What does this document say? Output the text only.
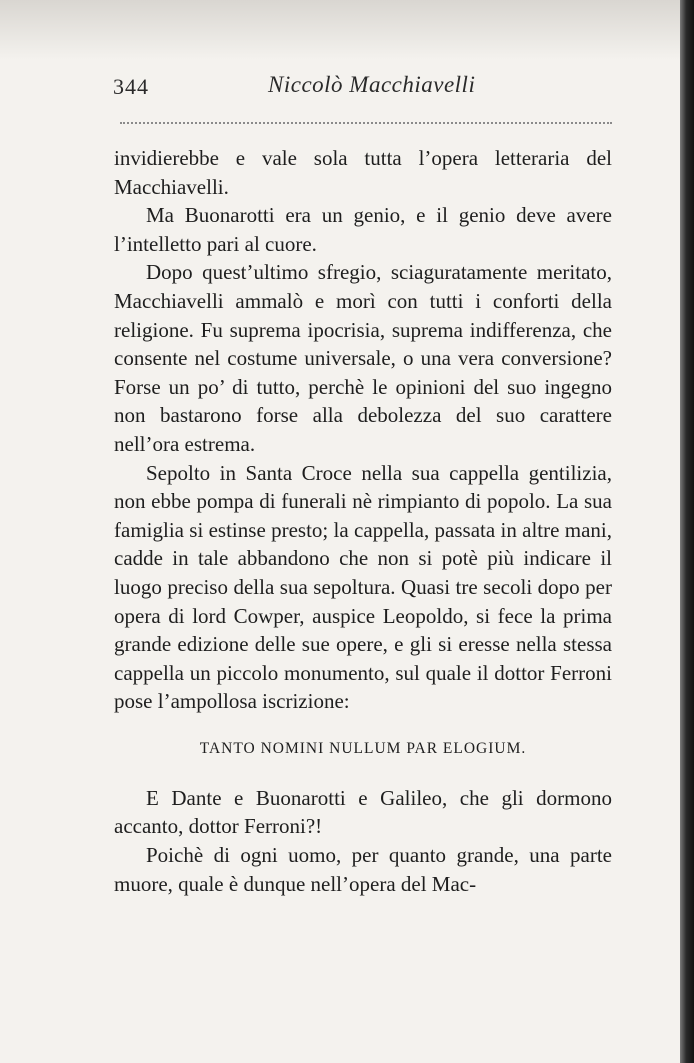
344	Niccolò Macchiavelli

invidierebbe e vale sola tutta l’opera letteraria del Macchiavelli.

Ma Buonarotti era un genio, e il genio deve avere l’intelletto pari al cuore.

Dopo quest’ultimo sfregio, sciaguratamente meritato, Macchiavelli ammalò e morì con tutti i conforti della religione. Fu suprema ipocrisia, suprema indifferenza, che consente nel costume universale, o una vera conversione? Forse un po’ di tutto, perchè le opinioni del suo ingegno non bastarono forse alla debolezza del suo carattere nell’ora estrema.

Sepolto in Santa Croce nella sua cappella gentilizia, non ebbe pompa di funerali nè rimpianto di popolo. La sua famiglia si estinse presto; la cappella, passata in altre mani, cadde in tale abbandono che non si potè più indicare il luogo preciso della sua sepoltura. Quasi tre secoli dopo per opera di lord Cowper, auspice Leopoldo, si fece la prima grande edizione delle sue opere, e gli si eresse nella stessa cappella un piccolo monumento, sul quale il dottor Ferroni pose l’ampollosa iscrizione:

TANTO NOMINI NULLUM PAR ELOGIUM.

E Dante e Buonarotti e Galileo, che gli dormono accanto, dottor Ferroni?!

Poichè di ogni uomo, per quanto grande, una parte muore, quale è dunque nell’opera del Mac-
